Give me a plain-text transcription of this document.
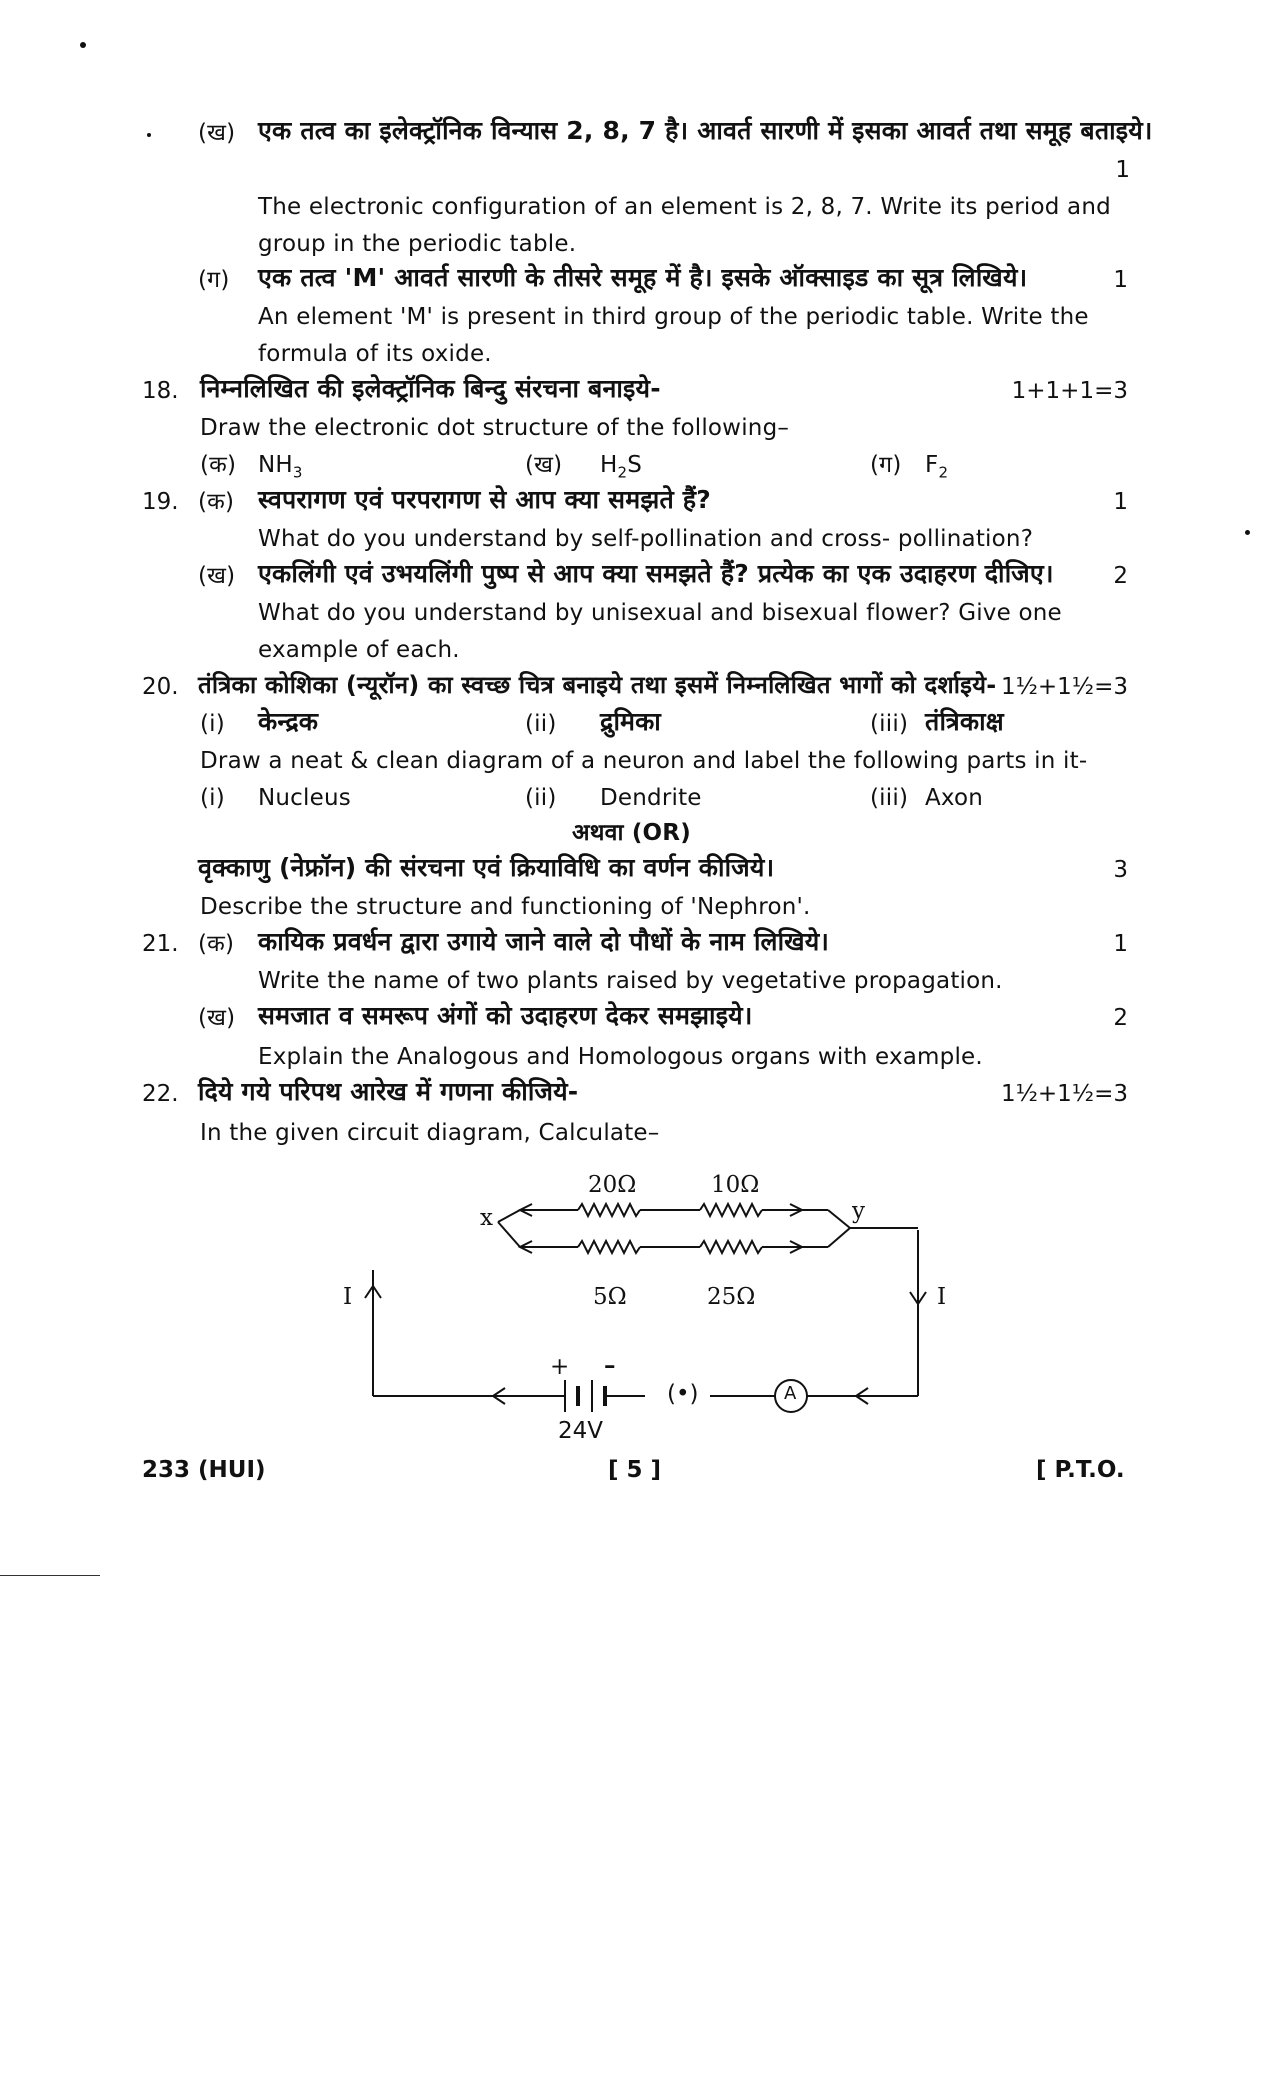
(ख) एक तत्व का इलेक्ट्रॉनिक विन्यास 2, 8, 7 है। आवर्त सारणी में इसका आवर्त तथा समूह बताइये।
1
The electronic configuration of an element is 2, 8, 7. Write its period and
group in the periodic table.
(ग) एक तत्व 'M' आवर्त सारणी के तीसरे समूह में है। इसके ऑक्साइड का सूत्र लिखिये।	1
An element 'M' is present in third group of the periodic table. Write the
formula of its oxide.
18. निम्नलिखित की इलेक्ट्रॉनिक बिन्दु संरचना बनाइये-	1+1+1=3
Draw the electronic dot structure of the following–
(क) $NH_3$	(ख) $H_2S$	(ग) $F_2$
19. (क) स्वपरागण एवं परपरागण से आप क्या समझते हैं?	1
What do you understand by self-pollination and cross- pollination?
(ख) एकलिंगी एवं उभयलिंगी पुष्प से आप क्या समझते हैं? प्रत्येक का एक उदाहरण दीजिए।	2
What do you understand by unisexual and bisexual flower? Give one
example of each.
20. तंत्रिका कोशिका (न्यूरॉन) का स्वच्छ चित्र बनाइये तथा इसमें निम्नलिखित भागों को दर्शाइये- 1½+1½=3
(i) केन्द्रक	(ii) द्रुमिका	(iii) तंत्रिकाक्ष
Draw a neat & clean diagram of a neuron and label the following parts in it-
(i) Nucleus	(ii) Dendrite	(iii) Axon
अथवा (OR)
वृक्काणु (नेफ्रॉन) की संरचना एवं क्रियाविधि का वर्णन कीजिये।	3
Describe the structure and functioning of 'Nephron'.
21. (क) कायिक प्रवर्धन द्वारा उगाये जाने वाले दो पौधों के नाम लिखिये।	1
Write the name of two plants raised by vegetative propagation.
(ख) समजात व समरूप अंगों को उदाहरण देकर समझाइये।	2
Explain the Analogous and Homologous organs with example.
22. दिये गये परिपथ आरेख में गणना कीजिये-	1½+1½=3
In the given circuit diagram, Calculate–
20Ω	10Ω
5Ω	25Ω
x	y
I	I
+ –
24V
(•)	A
233 (HUI)	[ 5 ]	[ P.T.O.
